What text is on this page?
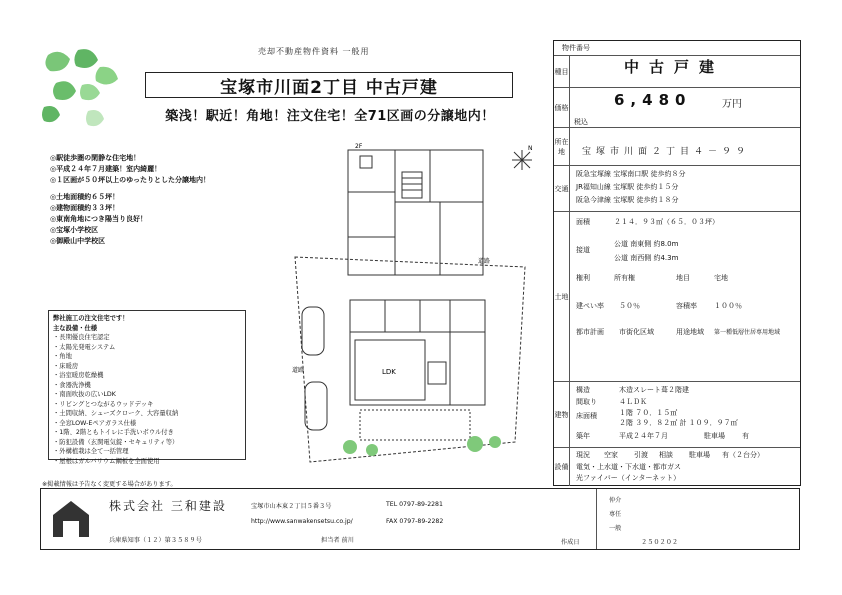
売却不動産物件資料 一般用
宝塚市川面2丁目 中古戸建
築浅！駅近！角地！注文住宅！全71区画の分譲地内！
◎駅徒歩圏の閑静な住宅地！
◎平成２４年７月建築！室内綺麗！
◎１区画が５０坪以上のゆったりとした分譲地内！
◎土地面積約６５坪！
◎建物面積約３３坪！
◎東南角地につき陽当り良好！
◎宝塚小学校区
◎御殿山中学校区
弊社施工の注文住宅です！
主な設備・仕様
・長期優良住宅認定
・太陽光発電システム
・角地
・床暖房
・浴室暖房乾燥機
・食器洗浄機
・南面吹抜の広いLDK
・リビングとつながるウッドデッキ
・土間収納、シューズクローク、大容量収納
・全窓LOW-Eペアガラス仕様
・1階、2階ともトイレに手洗いボウル付き
・防犯設備（玄関電気錠・セキュリティ等）
・外構植栽は全て一括管理
・屋根はガルバリウム鋼板を全面使用
N
2F
道路
道路	LDK
物件番号
種目	中古戸建
価格	6,480	万円
税込
所在地	宝塚市川面２丁目４－９９
交通
阪急宝塚線 宝塚南口駅 徒歩約８分
JR福知山線 宝塚駅 徒歩約１５分
阪急今津線 宝塚駅 徒歩約１８分
土地
面積	２１４．９３㎡（６５．０３坪）
接道
公道 南東側 約8.0m
公道 南西側 約4.3m
権利	所有権	地目	宅地
建ぺい率 ５０％	容積率 １００％
都市計画 市街化区域	用途地域 第一種低層住居専用地域
建物
構造	木造スレート葺２階建
間取り	４ＬＤＫ
床面積	１階 ７０．１５㎡
２階 ３９．８２㎡ 計 １０９．９７㎡
築年	平成２４年７月	駐車場 有
設備
現況 空家 引渡 相談 駐車場 有（２台分）
電気・上水道・下水道・都市ガス
光ファイバー（インターネット）
※掲載情報は予告なく変更する場合があります。
株式会社 三和建設	宝塚市山本東２丁目５番３号	TEL 0797-89-2281
http://www.sanwakensetsu.co.jp/	FAX 0797-89-2282
兵庫県知事（１２）第３５８９号	担当者 前川
仲介
専任
一般
作成日	２５０２０２
